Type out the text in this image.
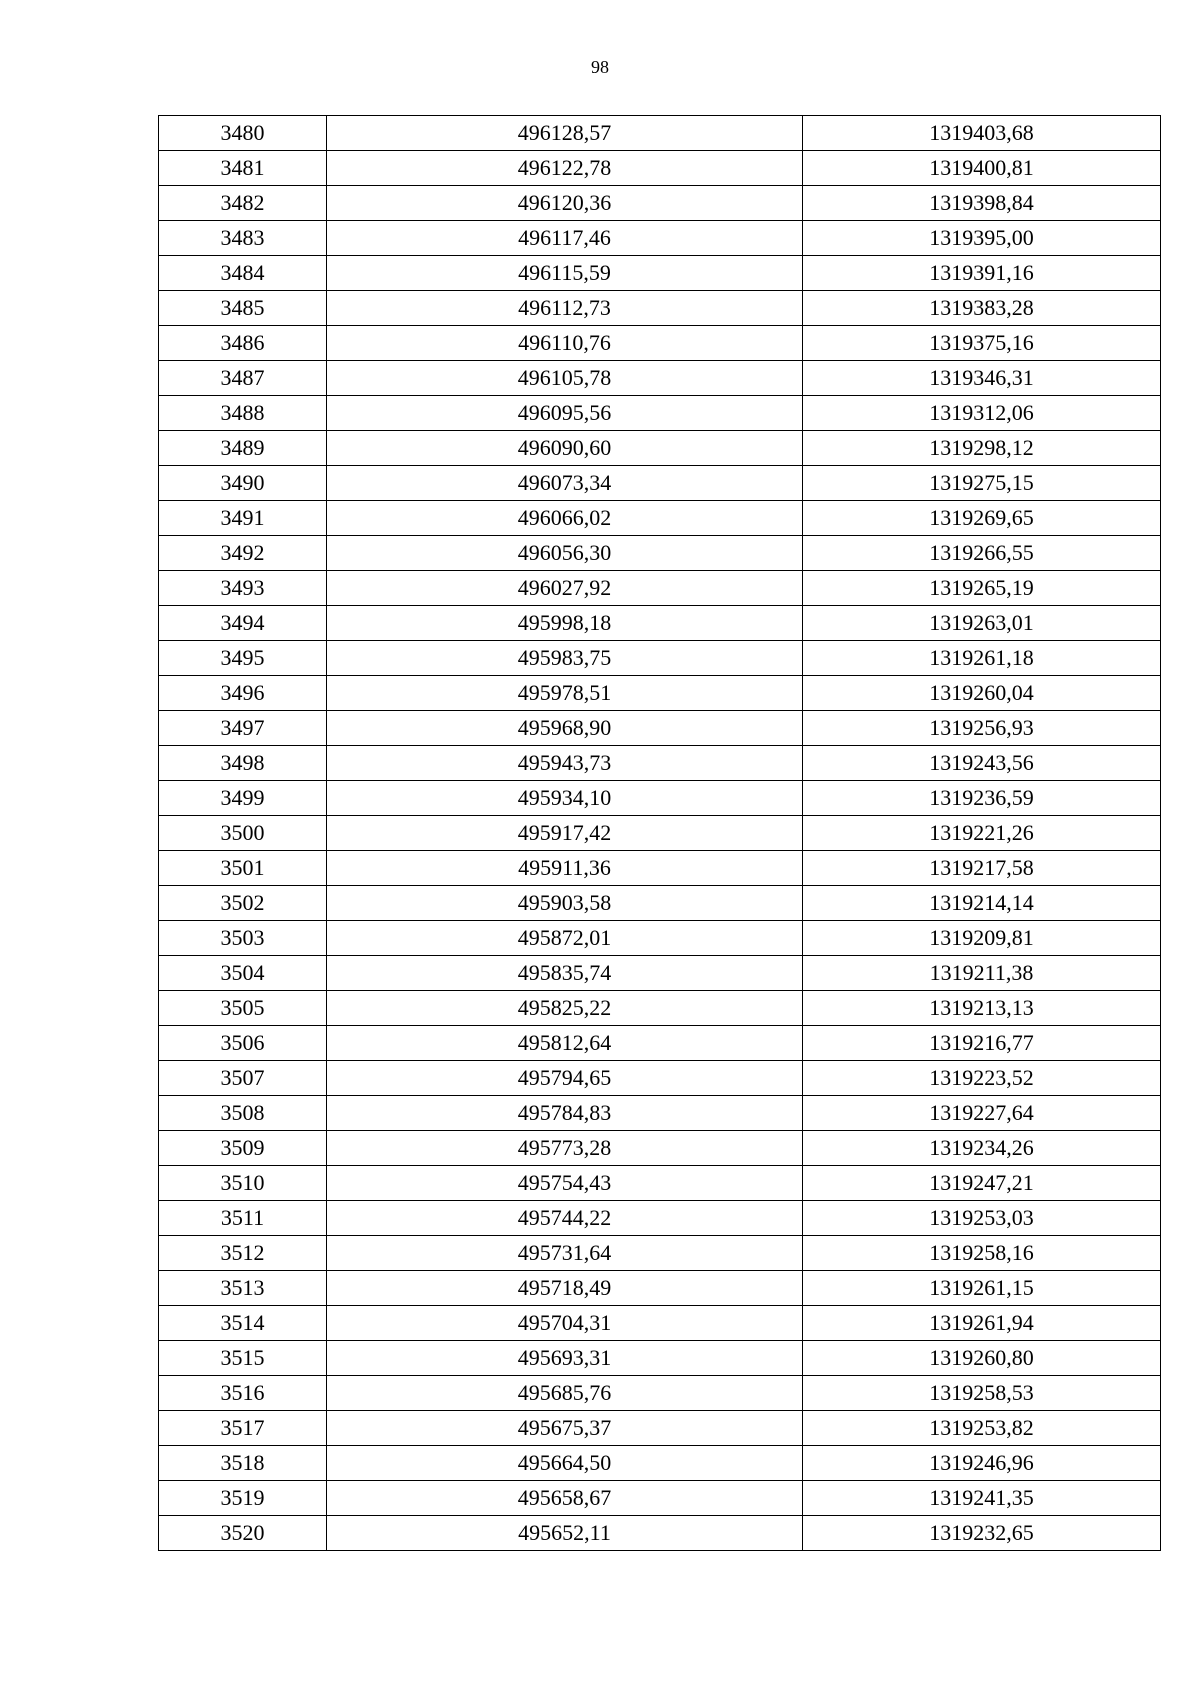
98
3480	496128,57	1319403,68
3481	496122,78	1319400,81
3482	496120,36	1319398,84
3483	496117,46	1319395,00
3484	496115,59	1319391,16
3485	496112,73	1319383,28
3486	496110,76	1319375,16
3487	496105,78	1319346,31
3488	496095,56	1319312,06
3489	496090,60	1319298,12
3490	496073,34	1319275,15
3491	496066,02	1319269,65
3492	496056,30	1319266,55
3493	496027,92	1319265,19
3494	495998,18	1319263,01
3495	495983,75	1319261,18
3496	495978,51	1319260,04
3497	495968,90	1319256,93
3498	495943,73	1319243,56
3499	495934,10	1319236,59
3500	495917,42	1319221,26
3501	495911,36	1319217,58
3502	495903,58	1319214,14
3503	495872,01	1319209,81
3504	495835,74	1319211,38
3505	495825,22	1319213,13
3506	495812,64	1319216,77
3507	495794,65	1319223,52
3508	495784,83	1319227,64
3509	495773,28	1319234,26
3510	495754,43	1319247,21
3511	495744,22	1319253,03
3512	495731,64	1319258,16
3513	495718,49	1319261,15
3514	495704,31	1319261,94
3515	495693,31	1319260,80
3516	495685,76	1319258,53
3517	495675,37	1319253,82
3518	495664,50	1319246,96
3519	495658,67	1319241,35
3520	495652,11	1319232,65
